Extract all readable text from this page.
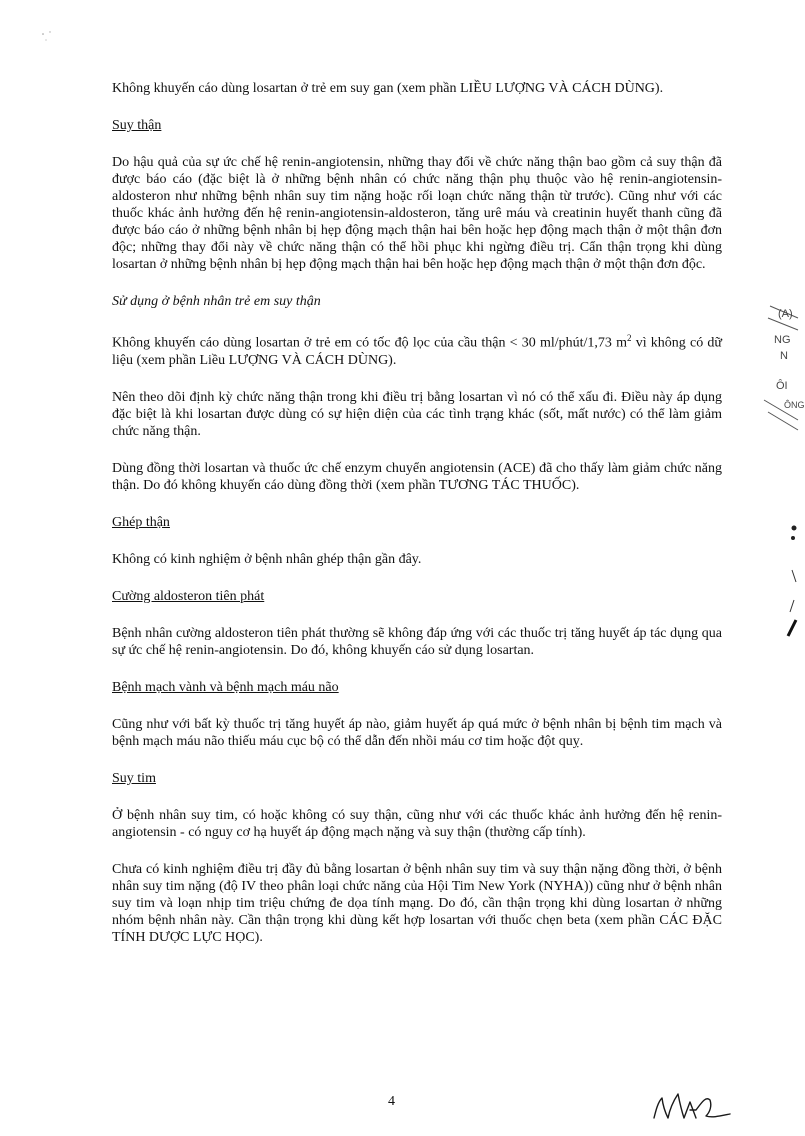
Không khuyến cáo dùng losartan ở trẻ em suy gan (xem phần LIỀU LƯỢNG VÀ CÁCH DÙNG).

Suy thận

Do hậu quả của sự ức chế hệ renin-angiotensin, những thay đổi về chức năng thận bao gồm cả suy thận đã được báo cáo (đặc biệt là ở những bệnh nhân có chức năng thận phụ thuộc vào hệ renin-angiotensin-aldosteron như những bệnh nhân suy tim nặng hoặc rối loạn chức năng thận từ trước). Cũng như với các thuốc khác ảnh hưởng đến hệ renin-angiotensin-aldosteron, tăng urê máu và creatinin huyết thanh cũng đã được báo cáo ở những bệnh nhân bị hẹp động mạch thận hai bên hoặc hẹp động mạch thận ở một thận đơn độc; những thay đổi này về chức năng thận có thể hồi phục khi ngừng điều trị. Cẩn thận trọng khi dùng losartan ở những bệnh nhân bị hẹp động mạch thận hai bên hoặc hẹp động mạch thận ở một thận đơn độc.

Sử dụng ở bệnh nhân trẻ em suy thận

Không khuyến cáo dùng losartan ở trẻ em có tốc độ lọc của cầu thận < 30 ml/phút/1,73 $m^2$ vì không có dữ liệu (xem phần Liều LƯỢNG VÀ CÁCH DÙNG).

Nên theo dõi định kỳ chức năng thận trong khi điều trị bằng losartan vì nó có thể xấu đi. Điều này áp dụng đặc biệt là khi losartan được dùng có sự hiện diện của các tình trạng khác (sốt, mất nước) có thể làm giảm chức năng thận.

Dùng đồng thời losartan và thuốc ức chế enzym chuyển angiotensin (ACE) đã cho thấy làm giảm chức năng thận. Do đó không khuyến cáo dùng đồng thời (xem phần TƯƠNG TÁC THUỐC).

Ghép thận

Không có kinh nghiệm ở bệnh nhân ghép thận gần đây.

Cường aldosteron tiên phát

Bệnh nhân cường aldosteron tiên phát thường sẽ không đáp ứng với các thuốc trị tăng huyết áp tác dụng qua sự ức chế hệ renin-angiotensin. Do đó, không khuyến cáo sử dụng losartan.

Bệnh mạch vành và bệnh mạch máu não

Cũng như với bất kỳ thuốc trị tăng huyết áp nào, giảm huyết áp quá mức ở bệnh nhân bị bệnh tim mạch và bệnh mạch máu não thiếu máu cục bộ có thể dẫn đến nhồi máu cơ tim hoặc đột quỵ.

Suy tim

Ở bệnh nhân suy tim, có hoặc không có suy thận, cũng như với các thuốc khác ảnh hưởng đến hệ renin-angiotensin - có nguy cơ hạ huyết áp động mạch nặng và suy thận (thường cấp tính).

Chưa có kinh nghiệm điều trị đầy đủ bằng losartan ở bệnh nhân suy tim và suy thận nặng đồng thời, ở bệnh nhân suy tim nặng (độ IV theo phân loại chức năng của Hội Tim New York (NYHA)) cũng như ở bệnh nhân suy tim và loạn nhịp tim triệu chứng đe dọa tính mạng. Do đó, cần thận trọng khi dùng losartan ở những nhóm bệnh nhân này. Cần thận trọng khi dùng kết hợp losartan với thuốc chẹn beta (xem phần CÁC ĐẶC TÍNH DƯỢC LỰC HỌC).

4
(A)
NG
N
ÔI
ÔNG
